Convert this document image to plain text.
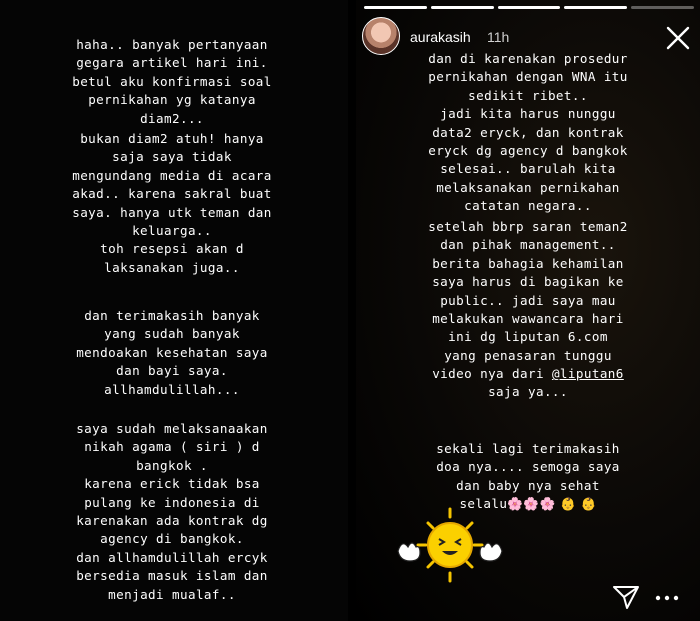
haha.. banyak pertanyaan
gegara artikel hari ini.
betul aku konfirmasi soal
pernikahan yg katanya
diam2...

bukan diam2 atuh! hanya
saja saya tidak
mengundang media di acara
akad.. karena sakral buat
saya. hanya utk teman dan
keluarga..
toh resepsi akan d
laksanakan juga..

dan terimakasih banyak
yang sudah banyak
mendoakan kesehatan saya
dan bayi saya.
allhamdulillah...

saya sudah melaksanaakan
nikah agama ( siri ) d
bangkok .
karena erick tidak bsa
pulang ke indonesia di
karenakan ada kontrak dg
agency di bangkok.

dan allhamdulillah ercyk
bersedia masuk islam dan
menjadi mualaf..

dan di karenakan prosedur
pernikahan dengan WNA itu
sedikit ribet..
jadi kita harus nunggu
data2 eryck, dan kontrak
eryck dg agency d bangkok
selesai.. barulah kita
melaksanakan pernikahan
catatan negara..

setelah bbrp saran teman2
dan pihak management..
berita bahagia kehamilan
saya harus di bagikan ke
public.. jadi saya mau
melakukan wawancara hari
ini dg liputan 6.com
yang penasaran tunggu

video nya dari @liputan6

saja ya...

sekali lagi terimakasih
doa nya.... semoga saya
dan baby nya sehat

selalu🌸🌸🌸 👶 👶

aurakasih 11h
